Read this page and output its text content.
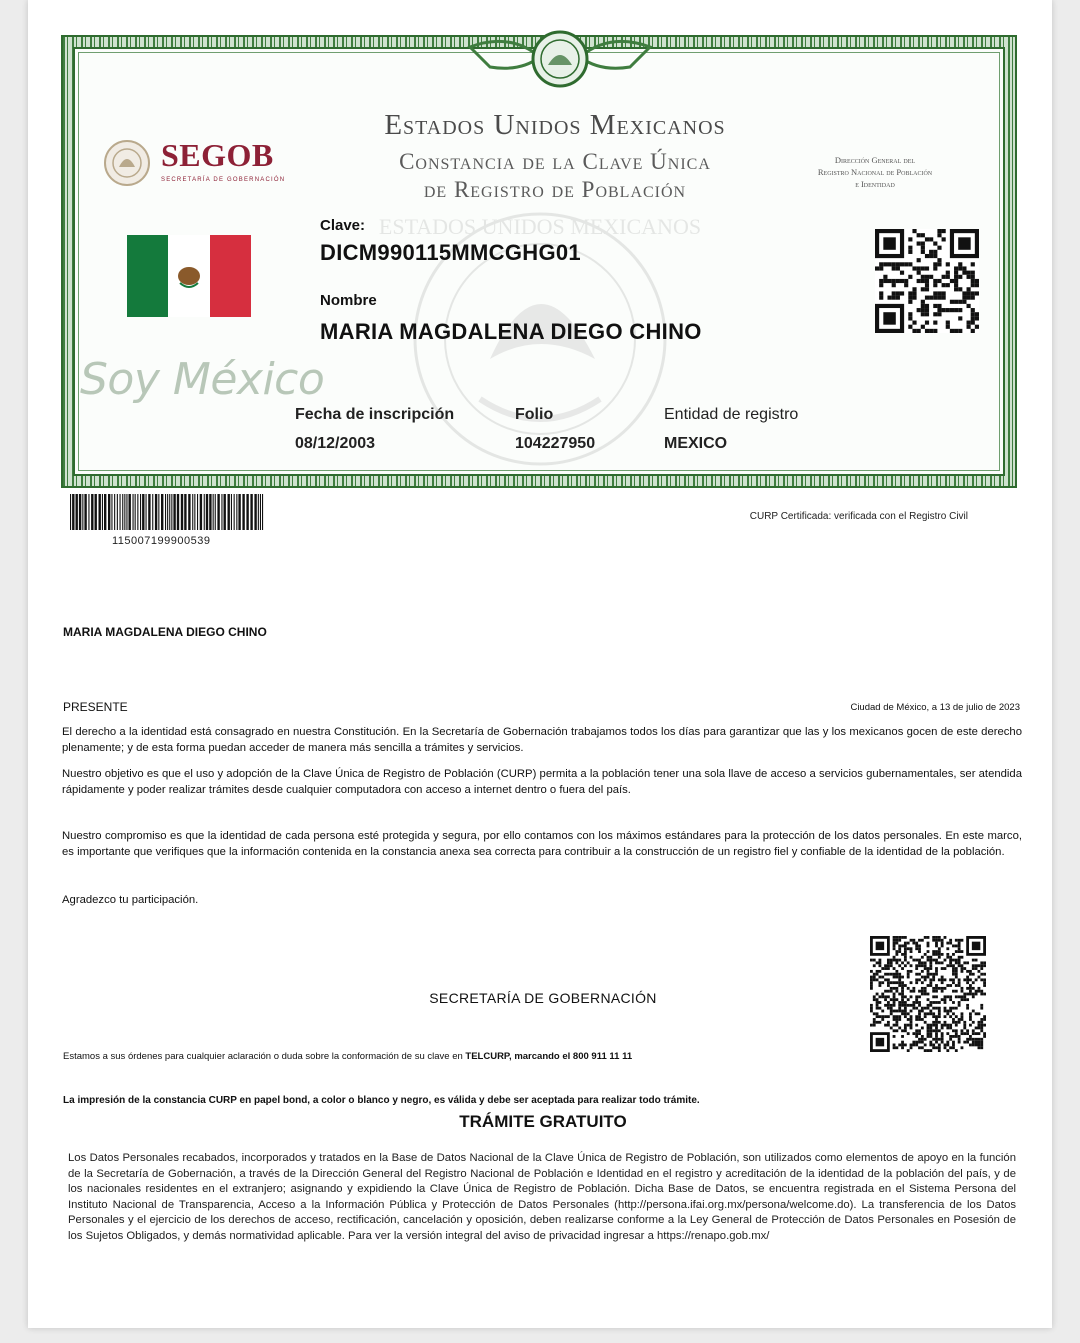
ESTADOS UNIDOS MEXICANOS
SEGOB
SECRETARÍA DE GOBERNACIÓN
Estados Unidos Mexicanos
Constancia de la Clave Única
de Registro de Población
Dirección General del
Registro Nacional de Población
e Identidad
Clave:
DICM990115MMCGHG01
Nombre
MARIA MAGDALENA DIEGO CHINO
Soy México
Fecha de inscripción
08/12/2003
Folio
104227950
Entidad de registro
MEXICO
115007199900539
CURP Certificada: verificada con el Registro Civil
MARIA MAGDALENA DIEGO CHINO
PRESENTE	Ciudad de México, a 13 de julio de 2023

El derecho a la identidad está consagrado en nuestra Constitución. En la Secretaría de Gobernación trabajamos todos los días para garantizar que las y los mexicanos gocen de este derecho plenamente; y de esta forma puedan acceder de manera más sencilla a trámites y servicios.

Nuestro objetivo es que el uso y adopción de la Clave Única de Registro de Población (CURP) permita a la población tener una sola llave de acceso a servicios gubernamentales, ser atendida rápidamente y poder realizar trámites desde cualquier computadora con acceso a internet dentro o fuera del país.

Nuestro compromiso es que la identidad de cada persona esté protegida y segura, por ello contamos con los máximos estándares para la protección de los datos personales. En este marco, es importante que verifiques que la información contenida en la constancia anexa sea correcta para contribuir a la construcción de un registro fiel y confiable de la identidad de la población.

Agradezco tu participación.

SECRETARÍA DE GOBERNACIÓN
Estamos a sus órdenes para cualquier aclaración o duda sobre la conformación de su clave en TELCURP, marcando el 800 911 11 11
La impresión de la constancia CURP en papel bond, a color o blanco y negro, es válida y debe ser aceptada para realizar todo trámite.
TRÁMITE GRATUITO

Los Datos Personales recabados, incorporados y tratados en la Base de Datos Nacional de la Clave Única de Registro de Población, son utilizados como elementos de apoyo en la función de la Secretaría de Gobernación, a través de la Dirección General del Registro Nacional de Población e Identidad en el registro y acreditación de la identidad de la población del país, y de los nacionales residentes en el extranjero; asignando y expidiendo la Clave Única de Registro de Población. Dicha Base de Datos, se encuentra registrada en el Sistema Persona del Instituto Nacional de Transparencia, Acceso a la Información Pública y Protección de Datos Personales (http://persona.ifai.org.mx/persona/welcome.do). La transferencia de los Datos Personales y el ejercicio de los derechos de acceso, rectificación, cancelación y oposición, deben realizarse conforme a la Ley General de Protección de Datos Personales en Posesión de los Sujetos Obligados, y demás normatividad aplicable. Para ver la versión integral del aviso de privacidad ingresar a https://renapo.gob.mx/
